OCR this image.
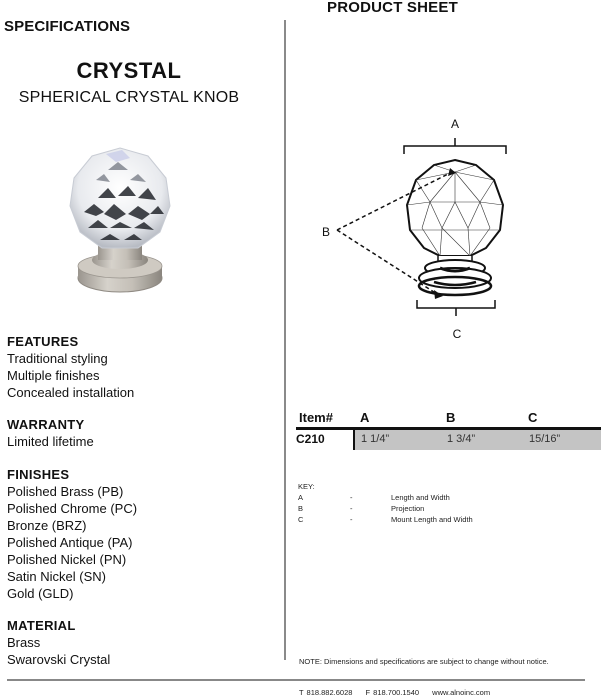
SPECIFICATIONS
CRYSTAL
SPHERICAL CRYSTAL KNOB
FEATURES
Traditional styling
Multiple finishes
Concealed installation
WARRANTY
Limited lifetime
FINISHES
Polished Brass (PB)
Polished Chrome (PC)
Bronze (BRZ)
Polished Antique (PA)
Polished Nickel (PN)
Satin Nickel (SN)
Gold (GLD)
MATERIAL
Brass
Swarovski Crystal
PRODUCT SHEET
A
B
C
Item# A	B	C
C210	1 1/4”	1 3/4”	15/16”
KEY:
A	-	Length and Width
B	-	Projection
C	-	Mount Length and Width
NOTE: Dimensions and specifications are subject to change without notice.
T 818.882.6028 F 818.700.1540 www.alnoinc.com
